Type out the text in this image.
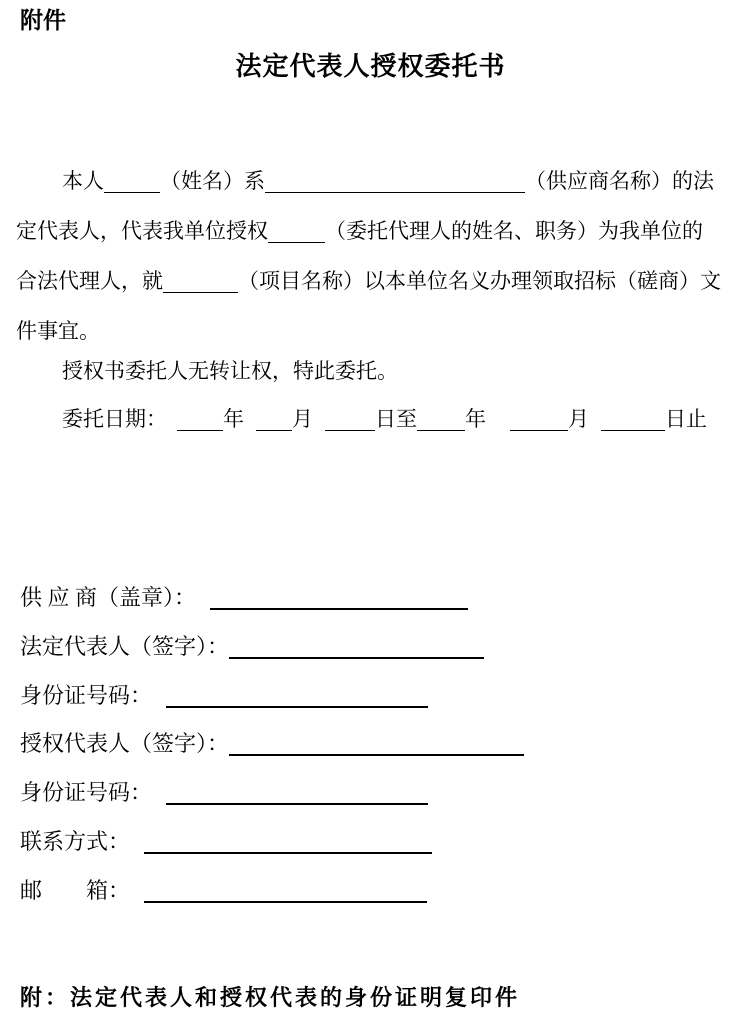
附件
法定代表人授权委托书
本人	（姓名）系	（供应商名称）的法
定代表人，代表我单位授权	（委托代理人的姓名、职务）为我单位的
合法代理人，就	（项目名称）以本单位名义办理领取招标（磋商）文
件事宜。
授权书委托人无转让权，特此委托。
委托日期：	年 月	日至 年	月	日止
供 应 商（盖章）：
法定代表人（签字）：
身份证号码：
授权代表人（签字）：
身份证号码：
联系方式：
邮　　箱：
附：法定代表人和授权代表的身份证明复印件
